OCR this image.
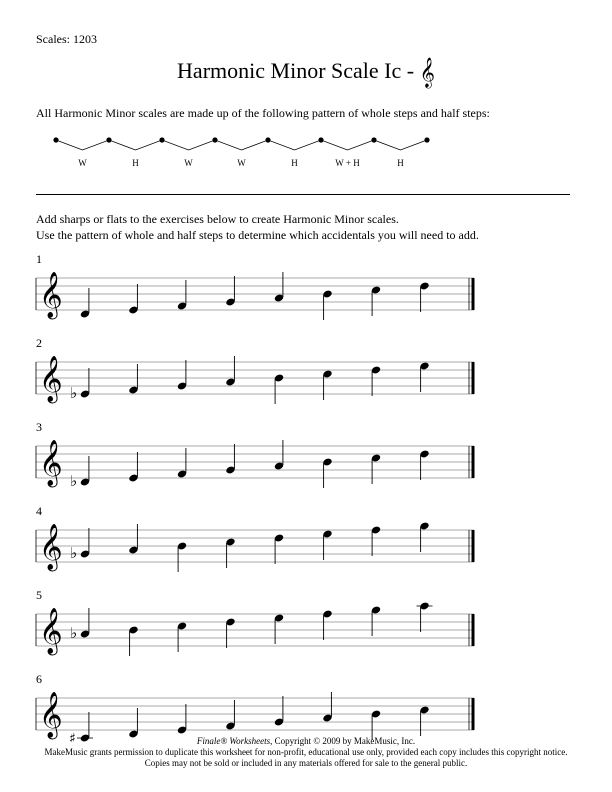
Scales: 1203
Harmonic Minor Scale Ic - 𝄞
All Harmonic Minor scales are made up of the following pattern of whole steps and half steps:
W	H	W	W	H	W + H	H
Add sharps or flats to the exercises below to create Harmonic Minor scales.
Use the pattern of whole and half steps to determine which accidentals you will need to add.
1
𝄞
2
𝄞 ♭
3
𝄞 ♭
4
𝄞 ♭
5
𝄞 ♭
6
𝄞
♯	Finale® Worksheets, Copyright © 2009 by MakeMusic, Inc.
MakeMusic grants permission to duplicate this worksheet for non-profit, educational use only, provided each copy includes this copyright notice.
Copies may not be sold or included in any materials offered for sale to the general public.
